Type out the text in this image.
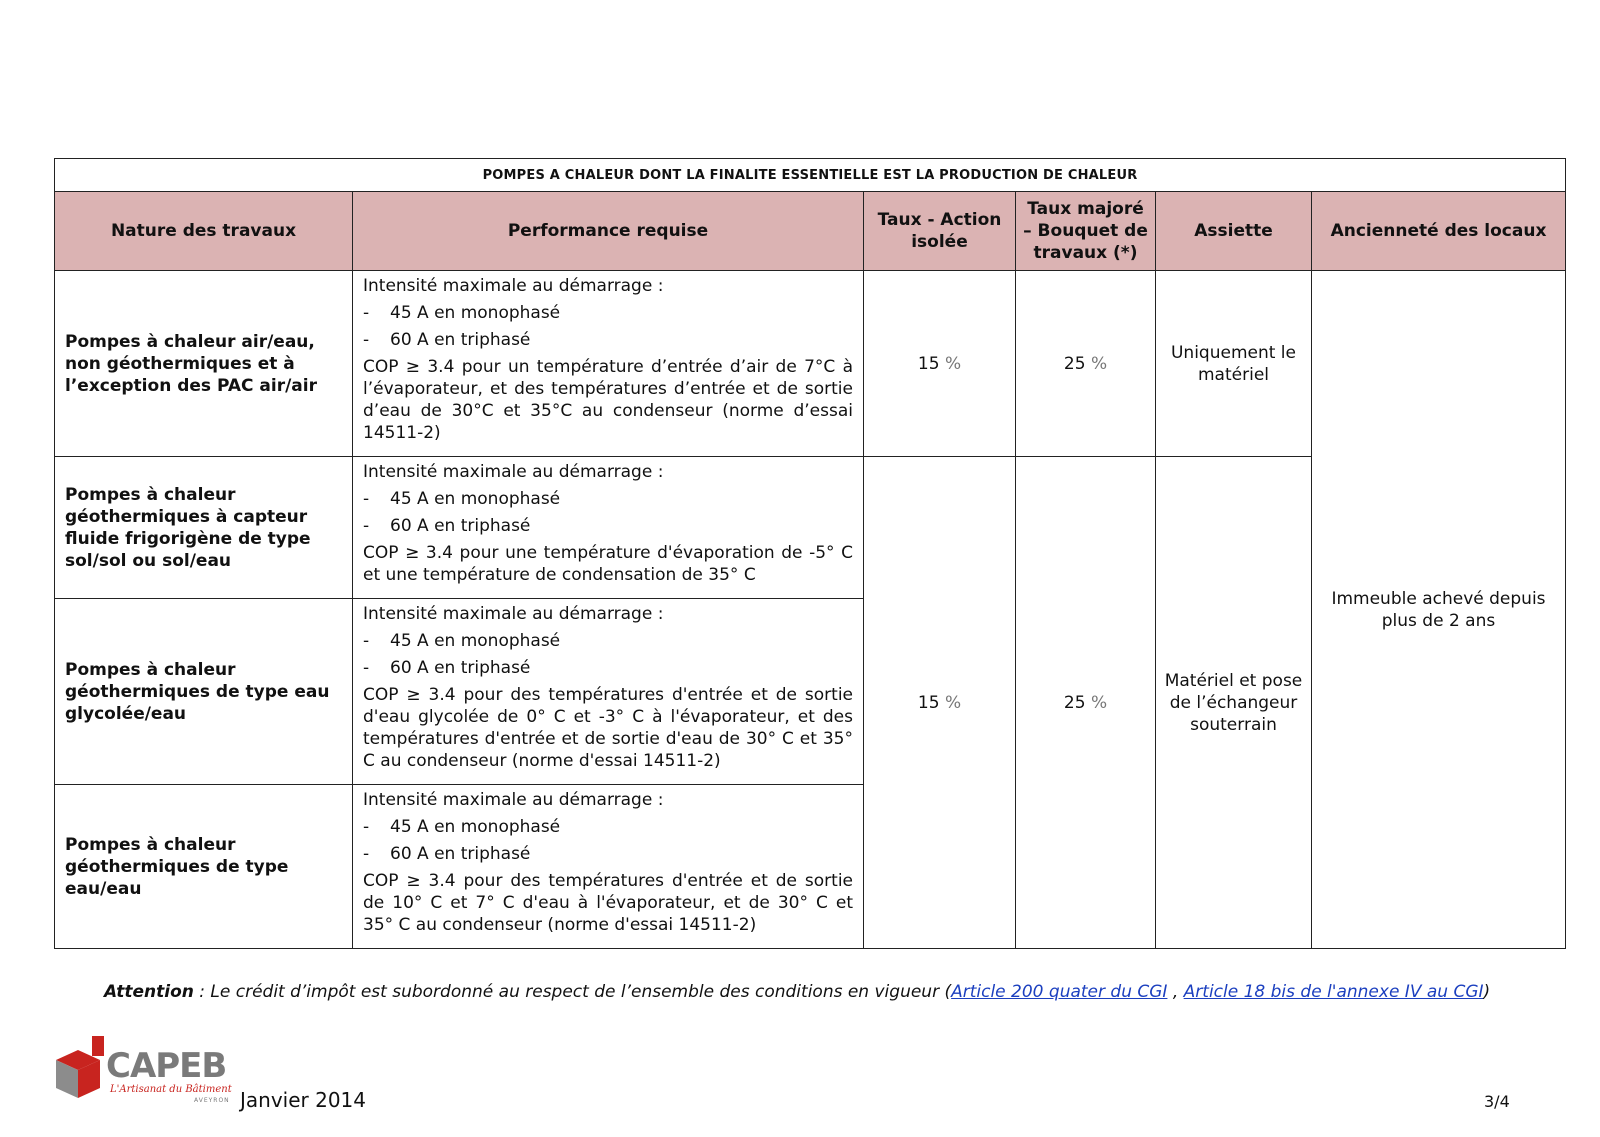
POMPES A CHALEUR DONT LA FINALITE ESSENTIELLE EST LA PRODUCTION DE CHALEUR					
Nature des travaux	Performance requise	Taux - Action isolée	Taux majoré – Bouquet de travaux (*)	Assiette	Ancienneté des locaux
Pompes à chaleur air/eau, non géothermiques et à l’exception des PAC air/air	Intensité maximale au démarrage :
- 45 A en monophasé
- 60 A en triphasé
COP ≥ 3.4 pour un température d’entrée d’air de 7°C à l’évaporateur, et des températures d’entrée et de sortie d’eau de 30°C et 35°C au condenseur (norme d’essai 14511-2)	15 %	25 %	Uniquement le matériel	Immeuble achevé depuis plus de 2 ans
Pompes à chaleur géothermiques à capteur fluide frigorigène de type sol/sol ou sol/eau	Intensité maximale au démarrage :
- 45 A en monophasé
- 60 A en triphasé
COP ≥ 3.4 pour une température d'évaporation de -5° C et une température de condensation de 35° C	15 %	25 %	Matériel et pose de l’échangeur souterrain	
Pompes à chaleur géothermiques de type eau glycolée/eau	Intensité maximale au démarrage :
- 45 A en monophasé
- 60 A en triphasé
COP ≥ 3.4 pour des températures d'entrée et de sortie d'eau glycolée de 0° C et -3° C à l'évaporateur, et des températures d'entrée et de sortie d'eau de 30° C et 35° C au condenseur (norme d'essai 14511-2)				

Pompes à chaleur géothermiques de type eau/eau	Intensité maximale au démarrage :
- 45 A en monophasé
- 60 A en triphasé
COP ≥ 3.4 pour des températures d'entrée et de sortie de 10° C et 7° C d'eau à l'évaporateur, et de 30° C et 35° C au condenseur (norme d'essai 14511-2)				
Attention : Le crédit d’impôt est subordonné au respect de l’ensemble des conditions en vigueur (Article 200 quater du CGI , Article 18 bis de l'annexe IV au CGI)
CAPEB
L'Artisanat du Bâtiment
AVEYRON Janvier 2014	3/4
